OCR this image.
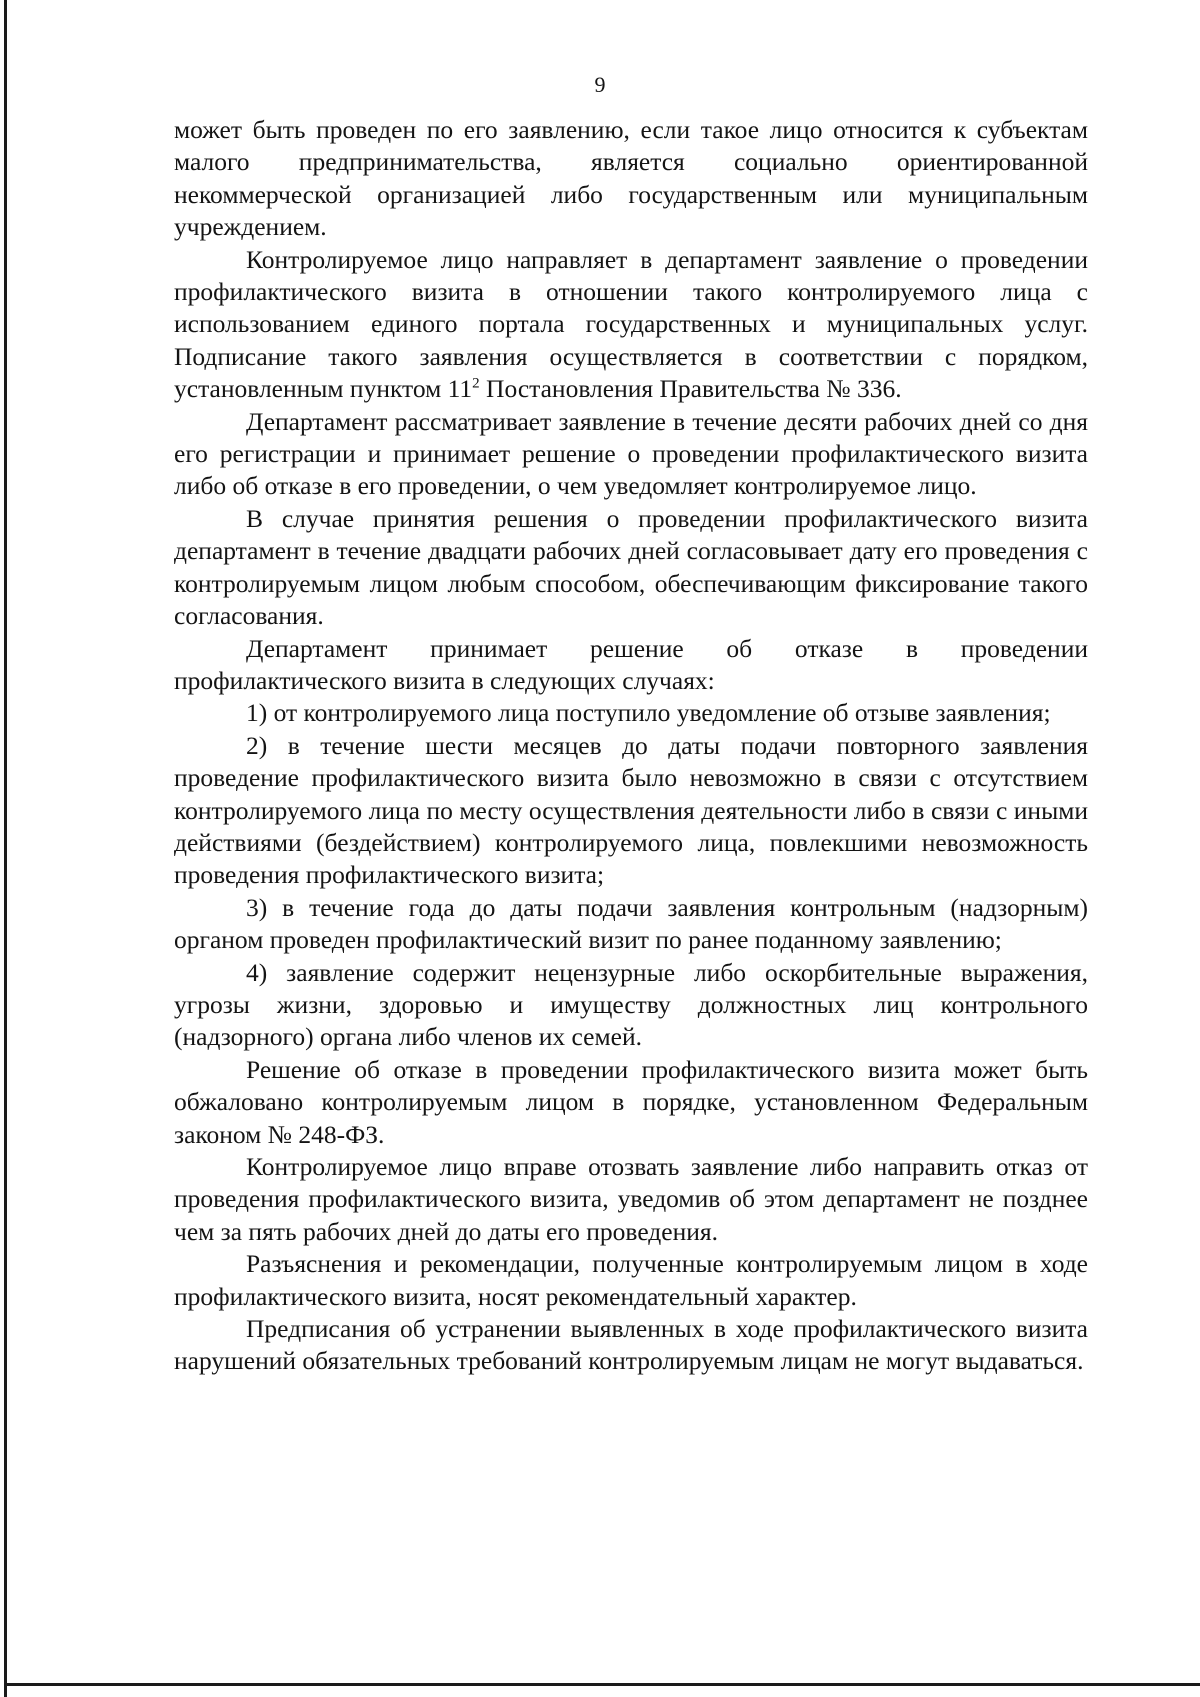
9

может быть проведен по его заявлению, если такое лицо относится к субъектам малого предпринимательства, является социально ориентированной некоммерческой организацией либо государственным или муниципальным учреждением.

Контролируемое лицо направляет в департамент заявление о проведении профилактического визита в отношении такого контролируемого лица с использованием единого портала государственных и муниципальных услуг. Подписание такого заявления осуществляется в соответствии с порядком, установленным пунктом $11^2$ Постановления Правительства № 336.

Департамент рассматривает заявление в течение десяти рабочих дней со дня его регистрации и принимает решение о проведении профилактического визита либо об отказе в его проведении, о чем уведомляет контролируемое лицо.

В случае принятия решения о проведении профилактического визита департамент в течение двадцати рабочих дней согласовывает дату его проведения с контролируемым лицом любым способом, обеспечивающим фиксирование такого согласования.

Департамент принимает решение об отказе в проведении профилактического визита в следующих случаях:

1) от контролируемого лица поступило уведомление об отзыве заявления;

2) в течение шести месяцев до даты подачи повторного заявления проведение профилактического визита было невозможно в связи с отсутствием контролируемого лица по месту осуществления деятельности либо в связи с иными действиями (бездействием) контролируемого лица, повлекшими невозможность проведения профилактического визита;

3) в течение года до даты подачи заявления контрольным (надзорным) органом проведен профилактический визит по ранее поданному заявлению;

4) заявление содержит нецензурные либо оскорбительные выражения, угрозы жизни, здоровью и имуществу должностных лиц контрольного (надзорного) органа либо членов их семей.

Решение об отказе в проведении профилактического визита может быть обжаловано контролируемым лицом в порядке, установленном Федеральным законом № 248-ФЗ.

Контролируемое лицо вправе отозвать заявление либо направить отказ от проведения профилактического визита, уведомив об этом департамент не позднее чем за пять рабочих дней до даты его проведения.

Разъяснения и рекомендации, полученные контролируемым лицом в ходе профилактического визита, носят рекомендательный характер.

Предписания об устранении выявленных в ходе профилактического визита нарушений обязательных требований контролируемым лицам не могут выдаваться.
